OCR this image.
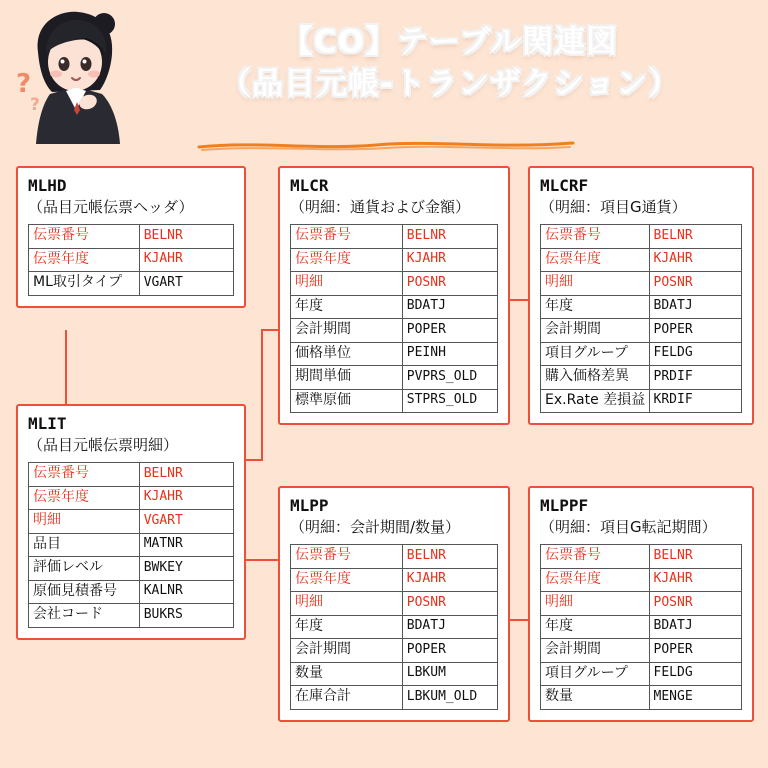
?
?
【CO】テーブル関連図
（品目元帳-トランザクション）
MLHD
（品目元帳伝票ヘッダ）
伝票番号	BELNR
伝票年度	KJAHR
ML取引タイプ	VGART
MLIT
（品目元帳伝票明細）
伝票番号	BELNR
伝票年度	KJAHR
明細	VGART
品目	MATNR
評価レベル	BWKEY
原価見積番号	KALNR
会社コード	BUKRS
MLCR
（明細：通貨および金額）
伝票番号	BELNR
伝票年度	KJAHR
明細	POSNR
年度	BDATJ
会計期間	POPER
価格単位	PEINH
期間単価	PVPRS_OLD
標準原価	STPRS_OLD
MLCRF
（明細：項目G通貨）
伝票番号	BELNR
伝票年度	KJAHR
明細	POSNR
年度	BDATJ
会計期間	POPER
項目グループ	FELDG
購入価格差異	PRDIF
Ex.Rate 差損益	KRDIF
MLPP
（明細：会計期間/数量）
伝票番号	BELNR
伝票年度	KJAHR
明細	POSNR
年度	BDATJ
会計期間	POPER
数量	LBKUM
在庫合計	LBKUM_OLD
MLPPF
（明細：項目G転記期間）
伝票番号	BELNR
伝票年度	KJAHR
明細	POSNR
年度	BDATJ
会計期間	POPER
項目グループ	FELDG
数量	MENGE
